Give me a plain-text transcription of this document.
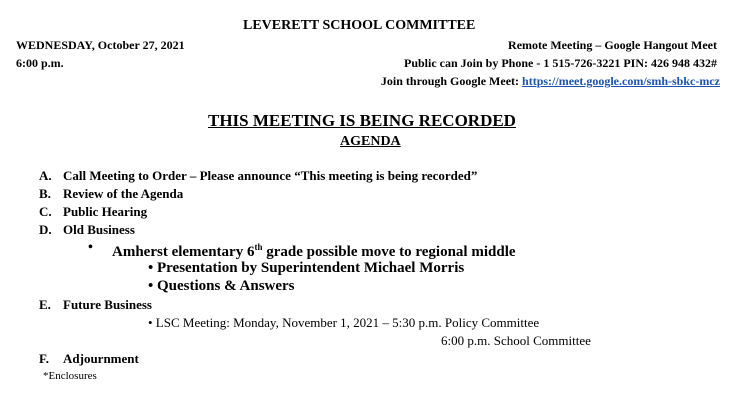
LEVERETT SCHOOL COMMITTEE
WEDNESDAY, October 27, 2021
6:00 p.m.
Remote Meeting – Google Hangout Meet
Public can Join by Phone - 1 515-726-3221 PIN: 426 948 432#
Join through Google Meet: https://meet.google.com/smh-sbkc-mcz
THIS MEETING IS BEING RECORDED
AGENDA
A. Call Meeting to Order – Please announce “This meeting is being recorded”
B. Review of the Agenda
C. Public Hearing
D. Old Business
• Amherst elementary 6th grade possible move to regional middle
• Presentation by Superintendent Michael Morris
• Questions & Answers
E. Future Business
• LSC Meeting: Monday, November 1, 2021 – 5:30 p.m. Policy Committee
6:00 p.m. School Committee
F. Adjournment
*Enclosures
